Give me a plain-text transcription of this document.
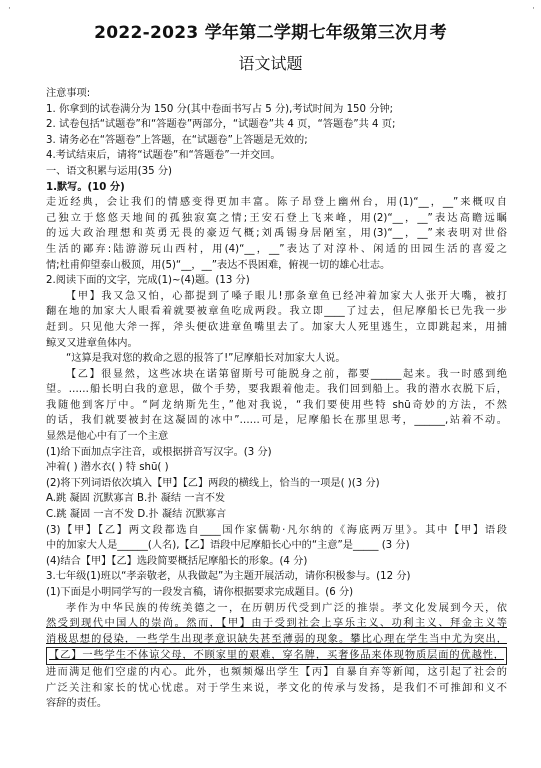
·	·
2022-2023 学年第二学期七年级第三次月考
语文试题
注意事项:
1. 你拿到的试卷满分为 150 分(其中卷面书写占 5 分),考试时间为 150 分钟;
2. 试卷包括“试题卷”和“答题卷”两部分，“试题卷”共 4 页，“答题卷”共 4 页;
3. 请务必在“答题卷”上答题，在“试题卷”上答题是无效的;
4.考试结束后，请将“试题卷”和“答题卷”一并交回。
一、语文积累与运用(35 分)
1.默写。(10 分)
走近经典，会让我们的情感变得更加丰富。陈子昂登上幽州台，用(1)“__，__”来概叹自
己独立于悠悠天地间的孤独寂寞之情;王安石登上飞来峰，用(2)“__，__”表达高瞻远瞩
的远大政治理想和英勇无畏的豪迈气概;刘禹锡身居陋室，用(3)“__，__”来表明对世俗
生活的鄙弃:陆游游玩山西村，用(4)“__，__”表达了对淳朴、闲适的田园生活的喜爱之
情;杜甫仰望泰山极顶，用(5)“__，__”表达不畏困难，俯视一切的雄心壮志。
2.阅读下面的文字，完成(1)~(4)题。(13 分)
【甲】我又急又怕，心都提到了嗓子眼儿!那条章鱼已经冲着加家大人张开大嘴，被打
翻在地的加家大人眼看着就要被章鱼吃成两段。我立即____了过去，但尼摩船长已先我一步
赶到。只见他大斧一挥，斧头便砍进章鱼嘴里去了。加家大人死里逃生，立即跳起来，用捕
鲸叉又进章鱼体内。
“这算是我对您的救命之恩的报答了!”尼摩船长对加家大人说。
【乙】很显然，这些冰块在诺第留斯号可能脱身之前，都要______起来。我一时感到绝
望。……船长明白我的意思，做个手势，要我跟着他走。我们回到船上。我的潜水衣脱下后，
我随他到客厅中。“阿龙纳斯先生，”他对我说，“我们要使用些特 shū奇妙的方法，不然
的话，我们就要被封在这凝固的冰中”……可是，尼摩船长在那里思考，______,站着不动。
显然是他心中有了一个主意
(1)给下面加点字注音，或根据拼音写汉字。(3 分)
冲着( ) 潜水衣( ) 特 shū( )
(2)将下列词语依次填入【甲】【乙】两段的横线上，恰当的一项是( )(3 分)
A.跳 凝固 沉默寡言 B.扑 凝结 一言不发
C.跳 凝固 一言不发 D.扑 凝结 沉默寡言
(3)【甲】【乙】两文段都选自____国作家儒勒·凡尔纳的《海底两万里》。其中【甲】语段
中的加家大人是______(人名),【乙】语段中尼摩船长心中的“主意”是_____ (3 分)
(4)结合【甲】【乙】选段简要概括尼摩船长的形象。(4 分)
3.七年级(1)班以“孝亲敬老，从我做起”为主题开展活动，请你积极参与。(12 分)
(1)下面是小明同学写的一段发言稿，请你根据要求完成题目。(6 分)
孝作为中华民族的传统美德之一，在历朝历代受到广泛的推崇。孝文化发展到今天，依
然受到现代中国人的崇尚。然而，【甲】由于受到社会上享乐主义、功利主义、拜金主义等
消极思想的侵染，一些学生出现孝意识缺失甚至薄弱的现象。攀比心理在学生当中尤为突出，
【乙】一些学生不体谅父母，不顾家里的艰难，穿名牌，买奢侈品来体现物质层面的优越性，
进而满足他们空虚的内心。此外，也频频爆出学生【丙】自暴自弃等新闻，这引起了社会的
广泛关注和家长的忧心忧虑。对于学生来说，孝文化的传承与发扬，是我们不可推卸和义不
容辞的责任。
